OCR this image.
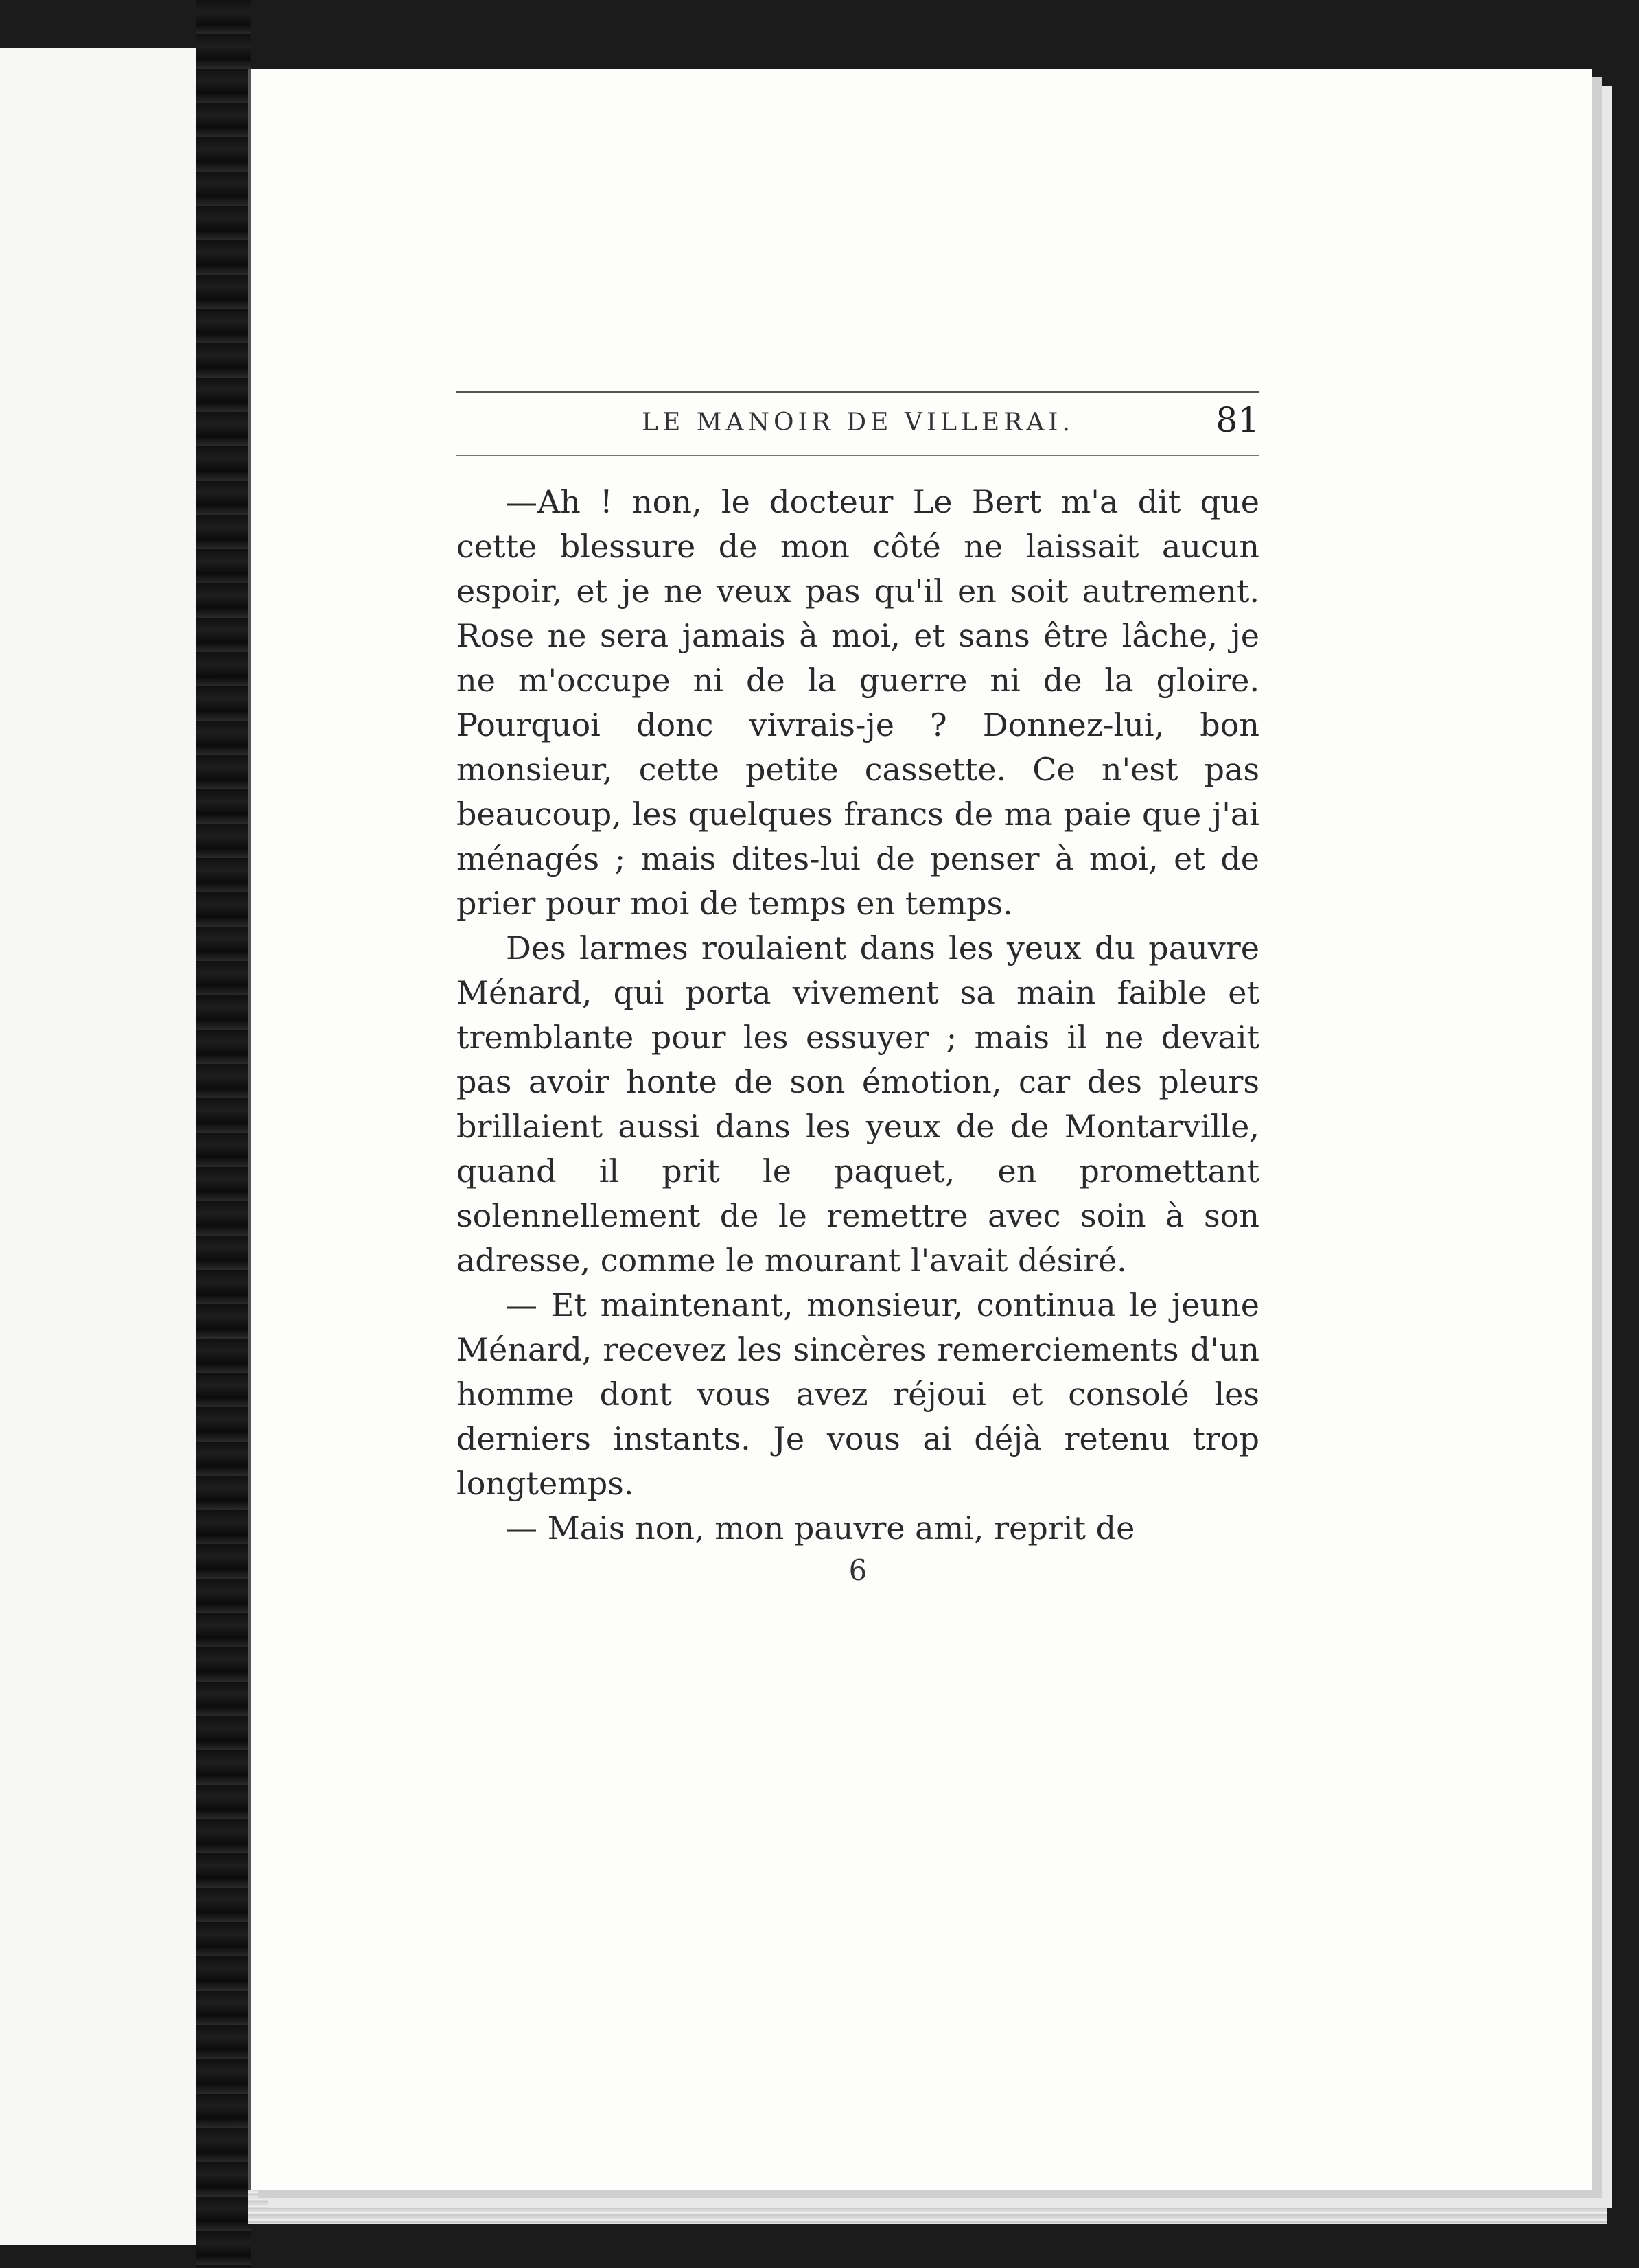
LE MANOIR DE VILLERAI.	81

—Ah ! non, le docteur Le Bert m'a dit que cette blessure de mon côté ne laissait aucun espoir, et je ne veux pas qu'il en soit autrement. Rose ne sera jamais à moi, et sans être lâche, je ne m'occupe ni de la guerre ni de la gloire. Pourquoi donc vivrais-je ? Donnez-lui, bon monsieur, cette petite cassette. Ce n'est pas beaucoup, les quelques francs de ma paie que j'ai ménagés ; mais dites-lui de penser à moi, et de prier pour moi de temps en temps.

Des larmes roulaient dans les yeux du pauvre Ménard, qui porta vivement sa main faible et tremblante pour les essuyer ; mais il ne devait pas avoir honte de son émotion, car des pleurs brillaient aussi dans les yeux de de Montarville, quand il prit le paquet, en promettant solennellement de le remettre avec soin à son adresse, comme le mourant l'avait désiré.

— Et maintenant, monsieur, continua le jeune Ménard, recevez les sincères remerciements d'un homme dont vous avez réjoui et consolé les derniers instants. Je vous ai déjà retenu trop longtemps.

— Mais non, mon pauvre ami, reprit de

6
